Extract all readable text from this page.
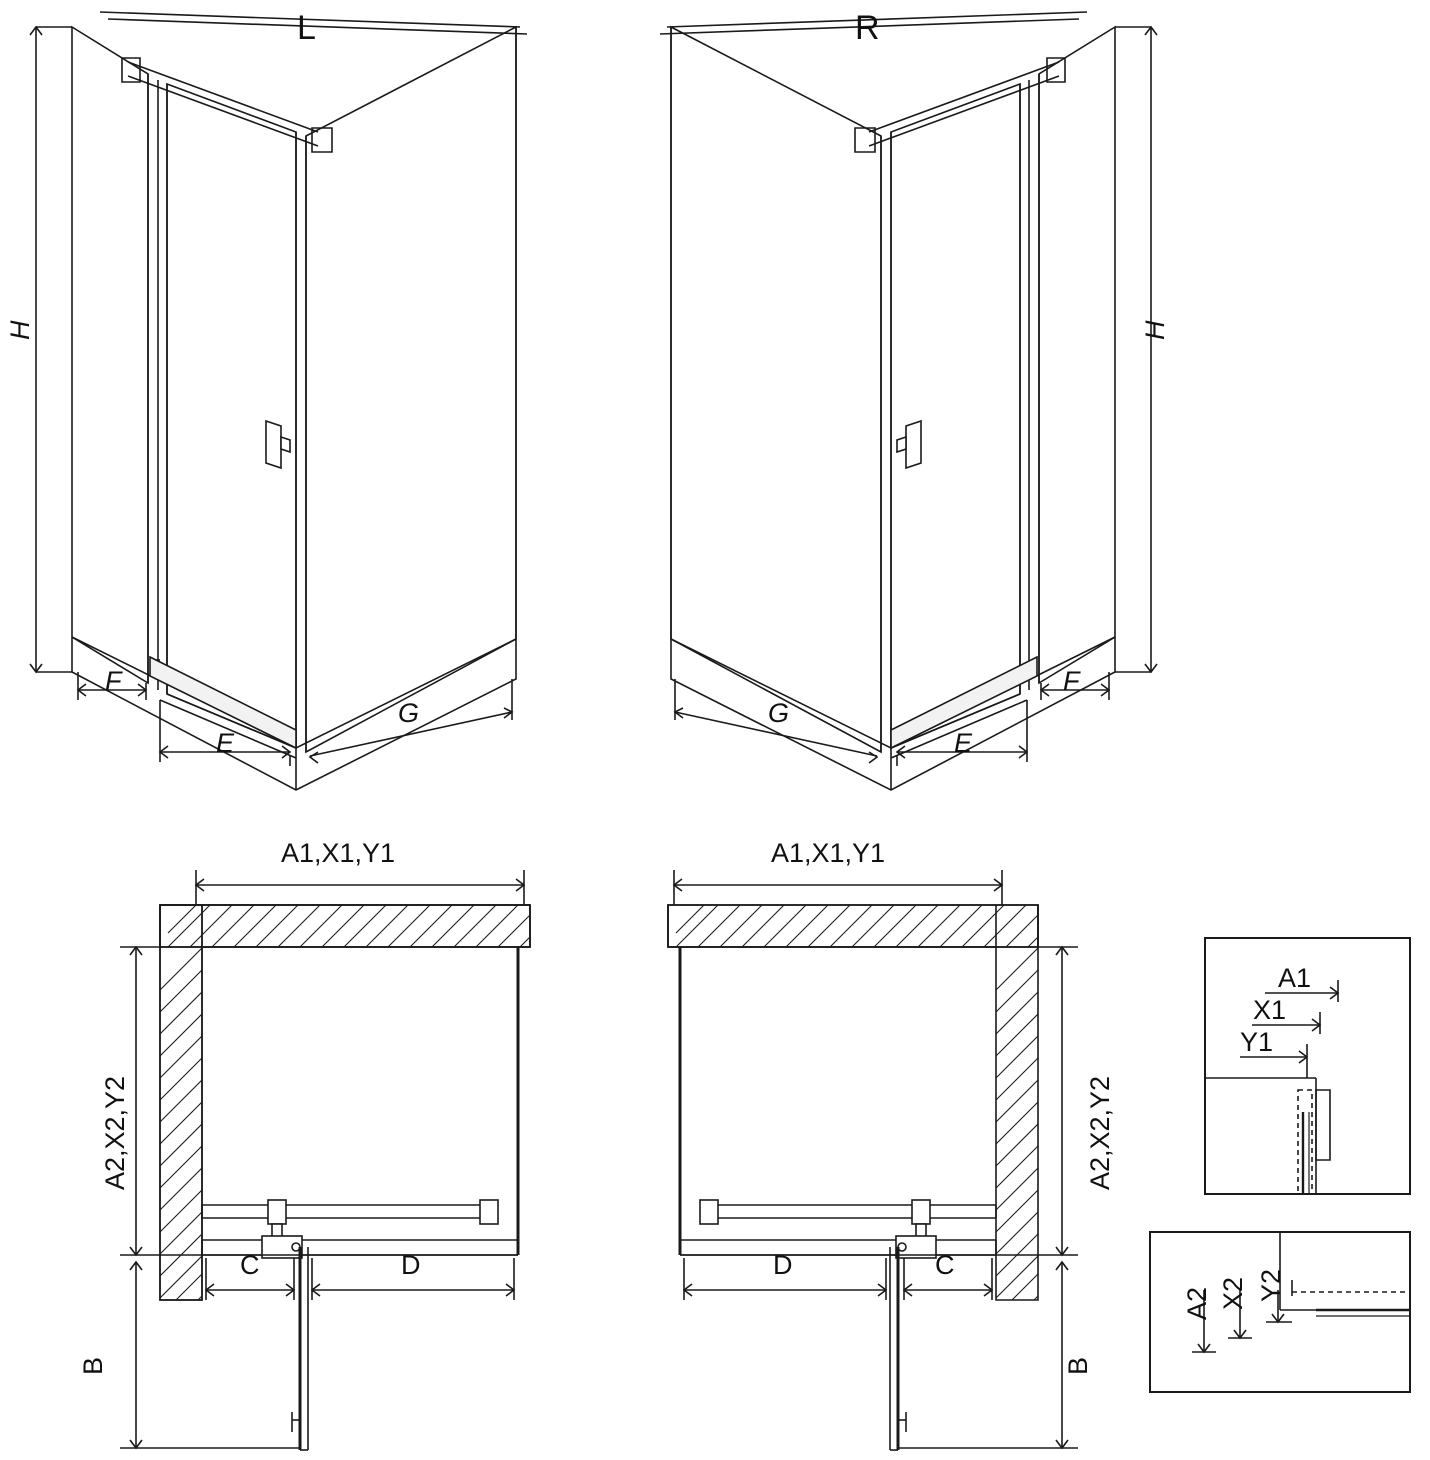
L	R
H
F
E
G
H
F
E
G
A1,X1,Y1
A2,X2,Y2
C	D
B
A1,X1,Y1
A2,X2,Y2
C
D
B
A1
X1
Y1
A2 X2 Y2
